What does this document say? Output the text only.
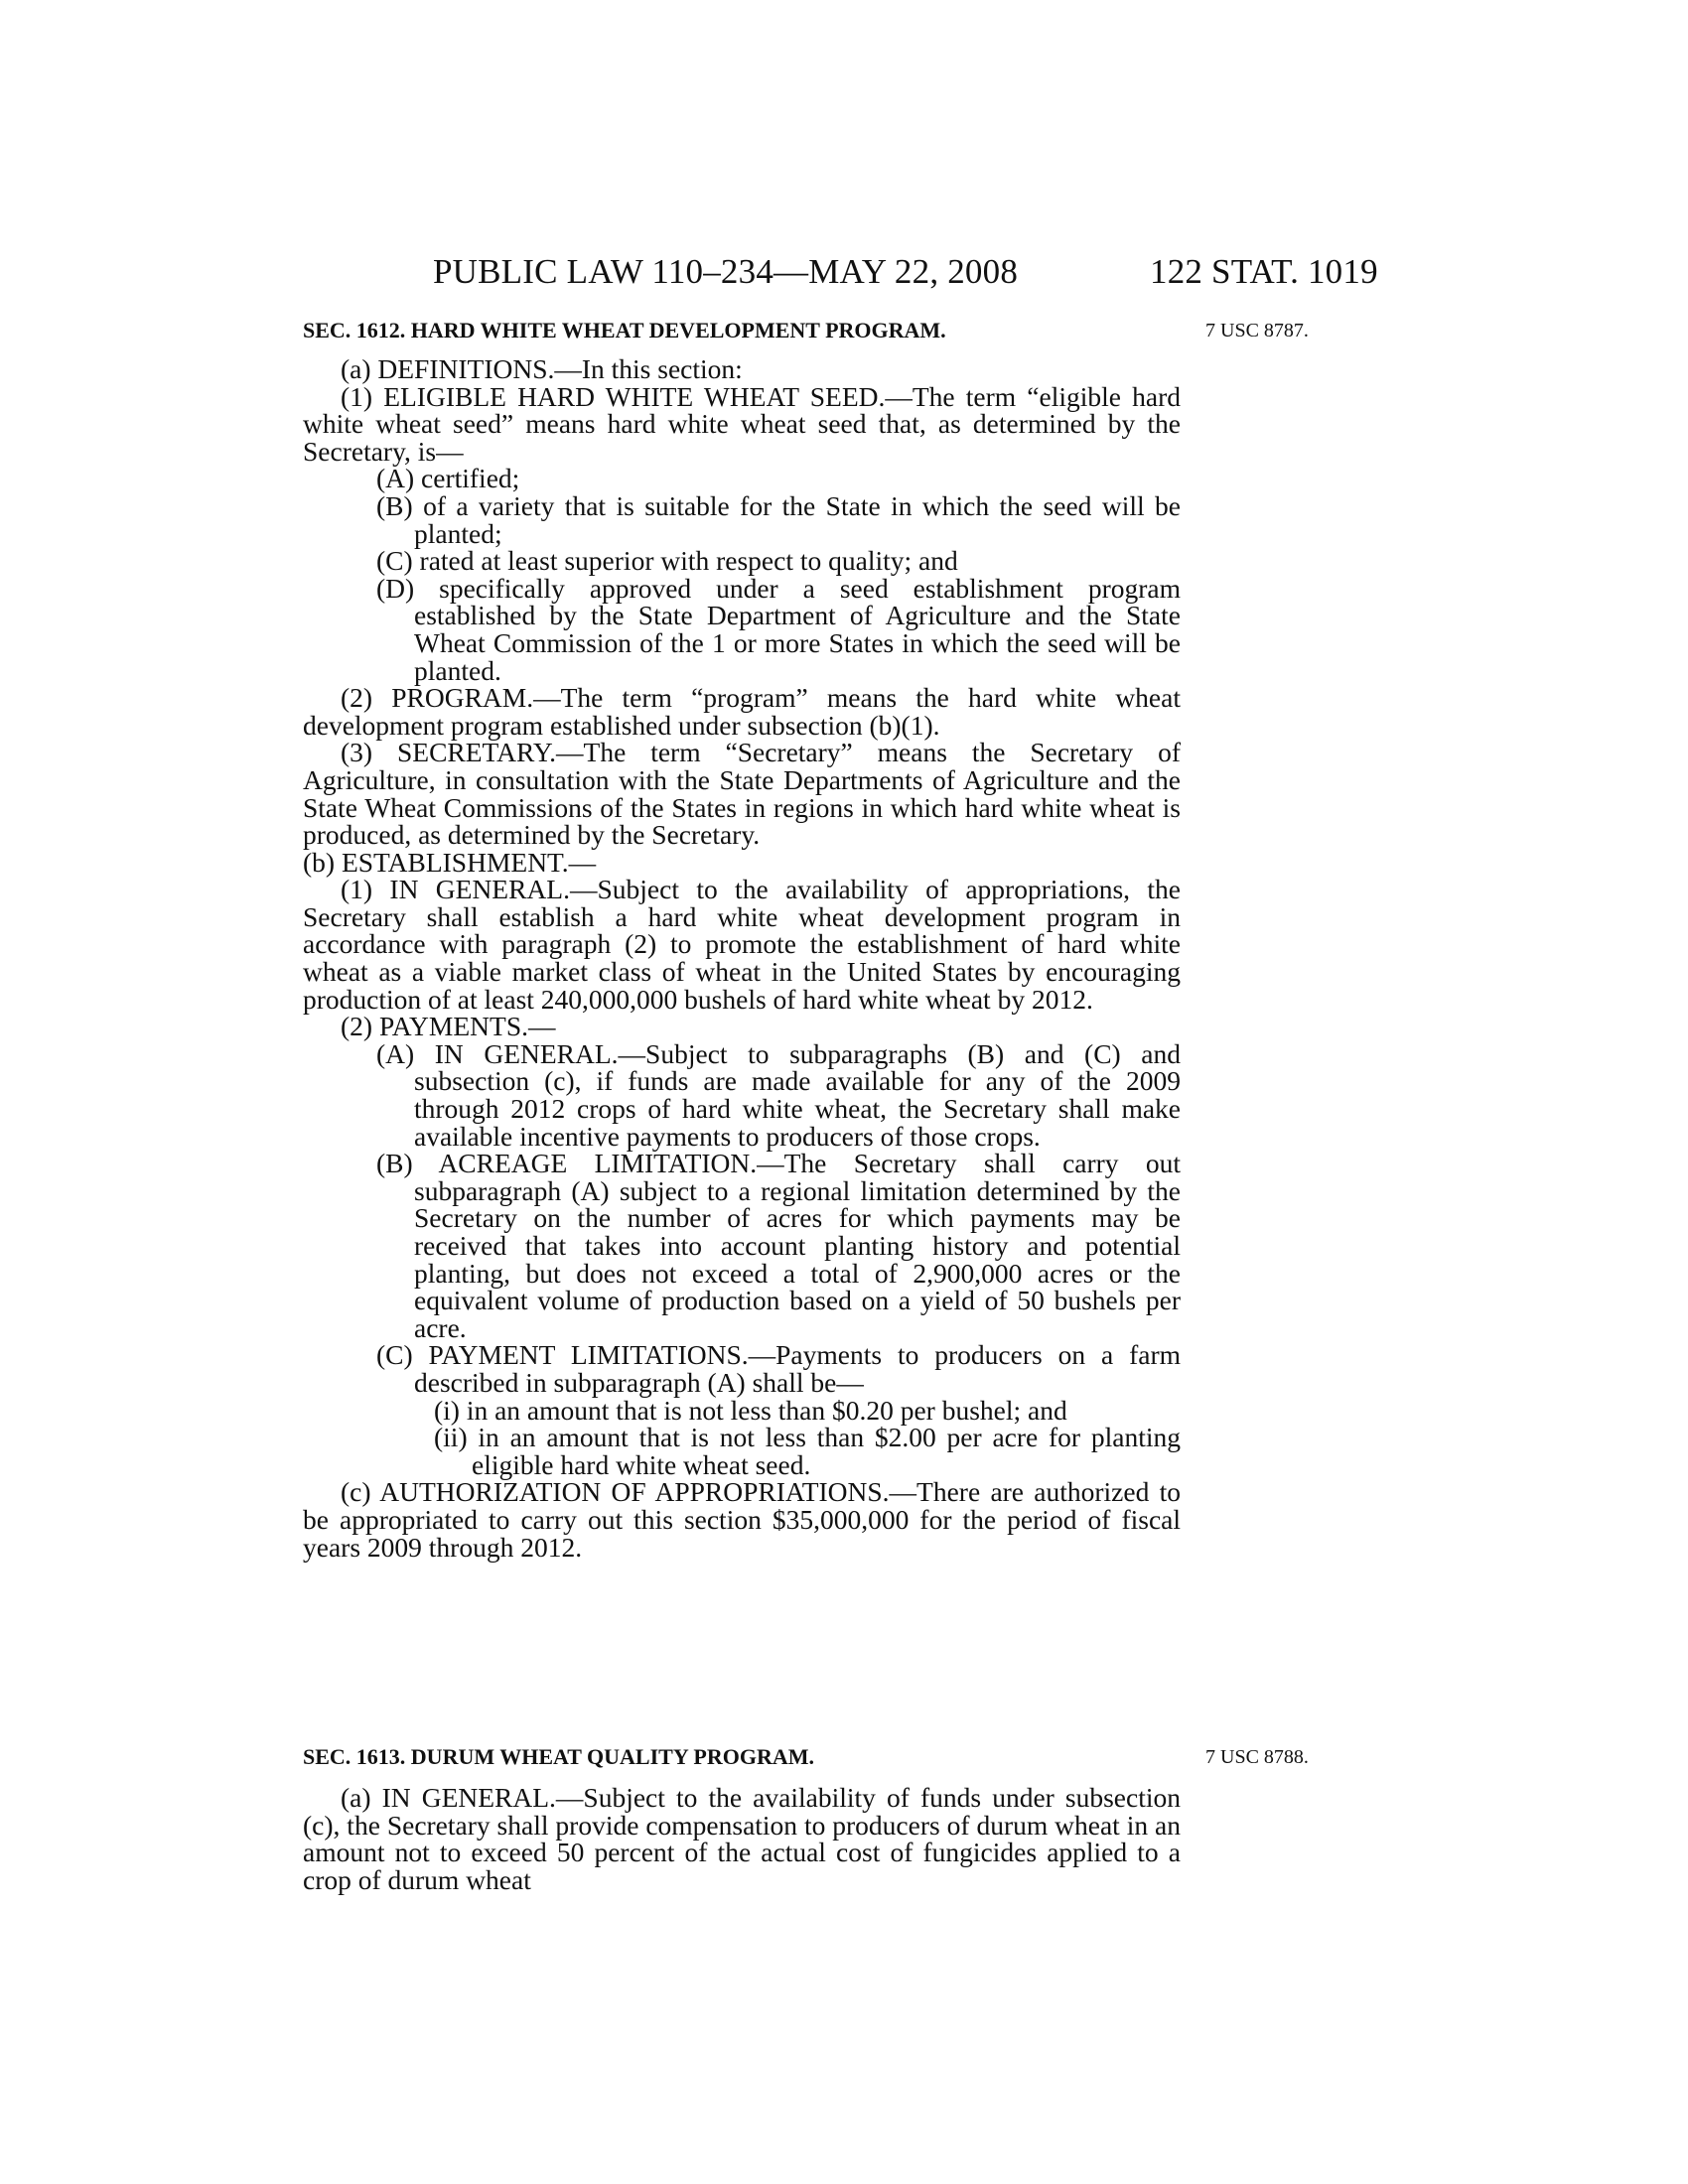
PUBLIC LAW 110–234—MAY 22, 2008	122 STAT. 1019
SEC. 1612. HARD WHITE WHEAT DEVELOPMENT PROGRAM.	7 USC 8787.

(a) DEFINITIONS.—In this section:

(1) ELIGIBLE HARD WHITE WHEAT SEED.—The term “eligible hard white wheat seed” means hard white wheat seed that, as determined by the Secretary, is—

(A) certified;

(B) of a variety that is suitable for the State in which the seed will be planted;

(C) rated at least superior with respect to quality; and

(D) specifically approved under a seed establishment program established by the State Department of Agriculture and the State Wheat Commission of the 1 or more States in which the seed will be planted.

(2) PROGRAM.—The term “program” means the hard white wheat development program established under subsection (b)(1).

(3) SECRETARY.—The term “Secretary” means the Secretary of Agriculture, in consultation with the State Departments of Agriculture and the State Wheat Commissions of the States in regions in which hard white wheat is produced, as determined by the Secretary.

(b) ESTABLISHMENT.—

(1) IN GENERAL.—Subject to the availability of appropriations, the Secretary shall establish a hard white wheat development program in accordance with paragraph (2) to promote the establishment of hard white wheat as a viable market class of wheat in the United States by encouraging production of at least 240,000,000 bushels of hard white wheat by 2012.

(2) PAYMENTS.—

(A) IN GENERAL.—Subject to subparagraphs (B) and (C) and subsection (c), if funds are made available for any of the 2009 through 2012 crops of hard white wheat, the Secretary shall make available incentive payments to producers of those crops.

(B) ACREAGE LIMITATION.—The Secretary shall carry out subparagraph (A) subject to a regional limitation determined by the Secretary on the number of acres for which payments may be received that takes into account planting history and potential planting, but does not exceed a total of 2,900,000 acres or the equivalent volume of production based on a yield of 50 bushels per acre.

(C) PAYMENT LIMITATIONS.—Payments to producers on a farm described in subparagraph (A) shall be—

(i) in an amount that is not less than $0.20 per bushel; and

(ii) in an amount that is not less than $2.00 per acre for planting eligible hard white wheat seed.

(c) AUTHORIZATION OF APPROPRIATIONS.—There are authorized to be appropriated to carry out this section $35,000,000 for the period of fiscal years 2009 through 2012.

SEC. 1613. DURUM WHEAT QUALITY PROGRAM.	7 USC 8788.

(a) IN GENERAL.—Subject to the availability of funds under subsection (c), the Secretary shall provide compensation to producers of durum wheat in an amount not to exceed 50 percent of the actual cost of fungicides applied to a crop of durum wheat
